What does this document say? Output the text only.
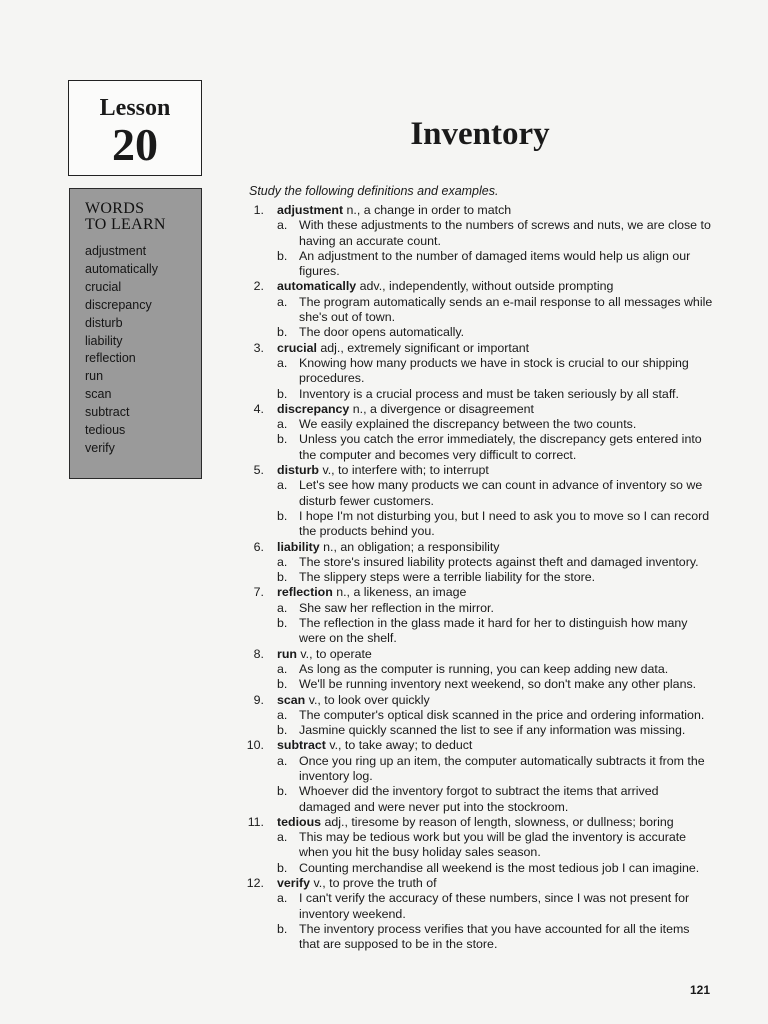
Lesson
20
WORDS
TO LEARN
adjustment
automatically
crucial
discrepancy
disturb
liability
reflection
run
scan
subtract
tedious
verify
Inventory
Study the following definitions and examples.
1. adjustment n., a change in order to match
a. With these adjustments to the numbers of screws and nuts, we are close to having an accurate count.
b. An adjustment to the number of damaged items would help us align our figures.
2. automatically adv., independently, without outside prompting
a. The program automatically sends an e-mail response to all messages while she's out of town.
b. The door opens automatically.
3. crucial adj., extremely significant or important
a. Knowing how many products we have in stock is crucial to our shipping procedures.
b. Inventory is a crucial process and must be taken seriously by all staff.
4. discrepancy n., a divergence or disagreement
a. We easily explained the discrepancy between the two counts.
b. Unless you catch the error immediately, the discrepancy gets entered into the computer and becomes very difficult to correct.
5. disturb v., to interfere with; to interrupt
a. Let's see how many products we can count in advance of inventory so we disturb fewer customers.
b. I hope I'm not disturbing you, but I need to ask you to move so I can record the products behind you.
6. liability n., an obligation; a responsibility
a. The store's insured liability protects against theft and damaged inventory.
b. The slippery steps were a terrible liability for the store.
7. reflection n., a likeness, an image
a. She saw her reflection in the mirror.
b. The reflection in the glass made it hard for her to distinguish how many were on the shelf.
8. run v., to operate
a. As long as the computer is running, you can keep adding new data.
b. We'll be running inventory next weekend, so don't make any other plans.
9. scan v., to look over quickly
a. The computer's optical disk scanned in the price and ordering information.
b. Jasmine quickly scanned the list to see if any information was missing.
10. subtract v., to take away; to deduct
a. Once you ring up an item, the computer automatically subtracts it from the inventory log.
b. Whoever did the inventory forgot to subtract the items that arrived damaged and were never put into the stockroom.
11. tedious adj., tiresome by reason of length, slowness, or dullness; boring
a. This may be tedious work but you will be glad the inventory is accurate when you hit the busy holiday sales season.
b. Counting merchandise all weekend is the most tedious job I can imagine.
12. verify v., to prove the truth of
a. I can't verify the accuracy of these numbers, since I was not present for inventory weekend.
b. The inventory process verifies that you have accounted for all the items that are supposed to be in the store.
121
